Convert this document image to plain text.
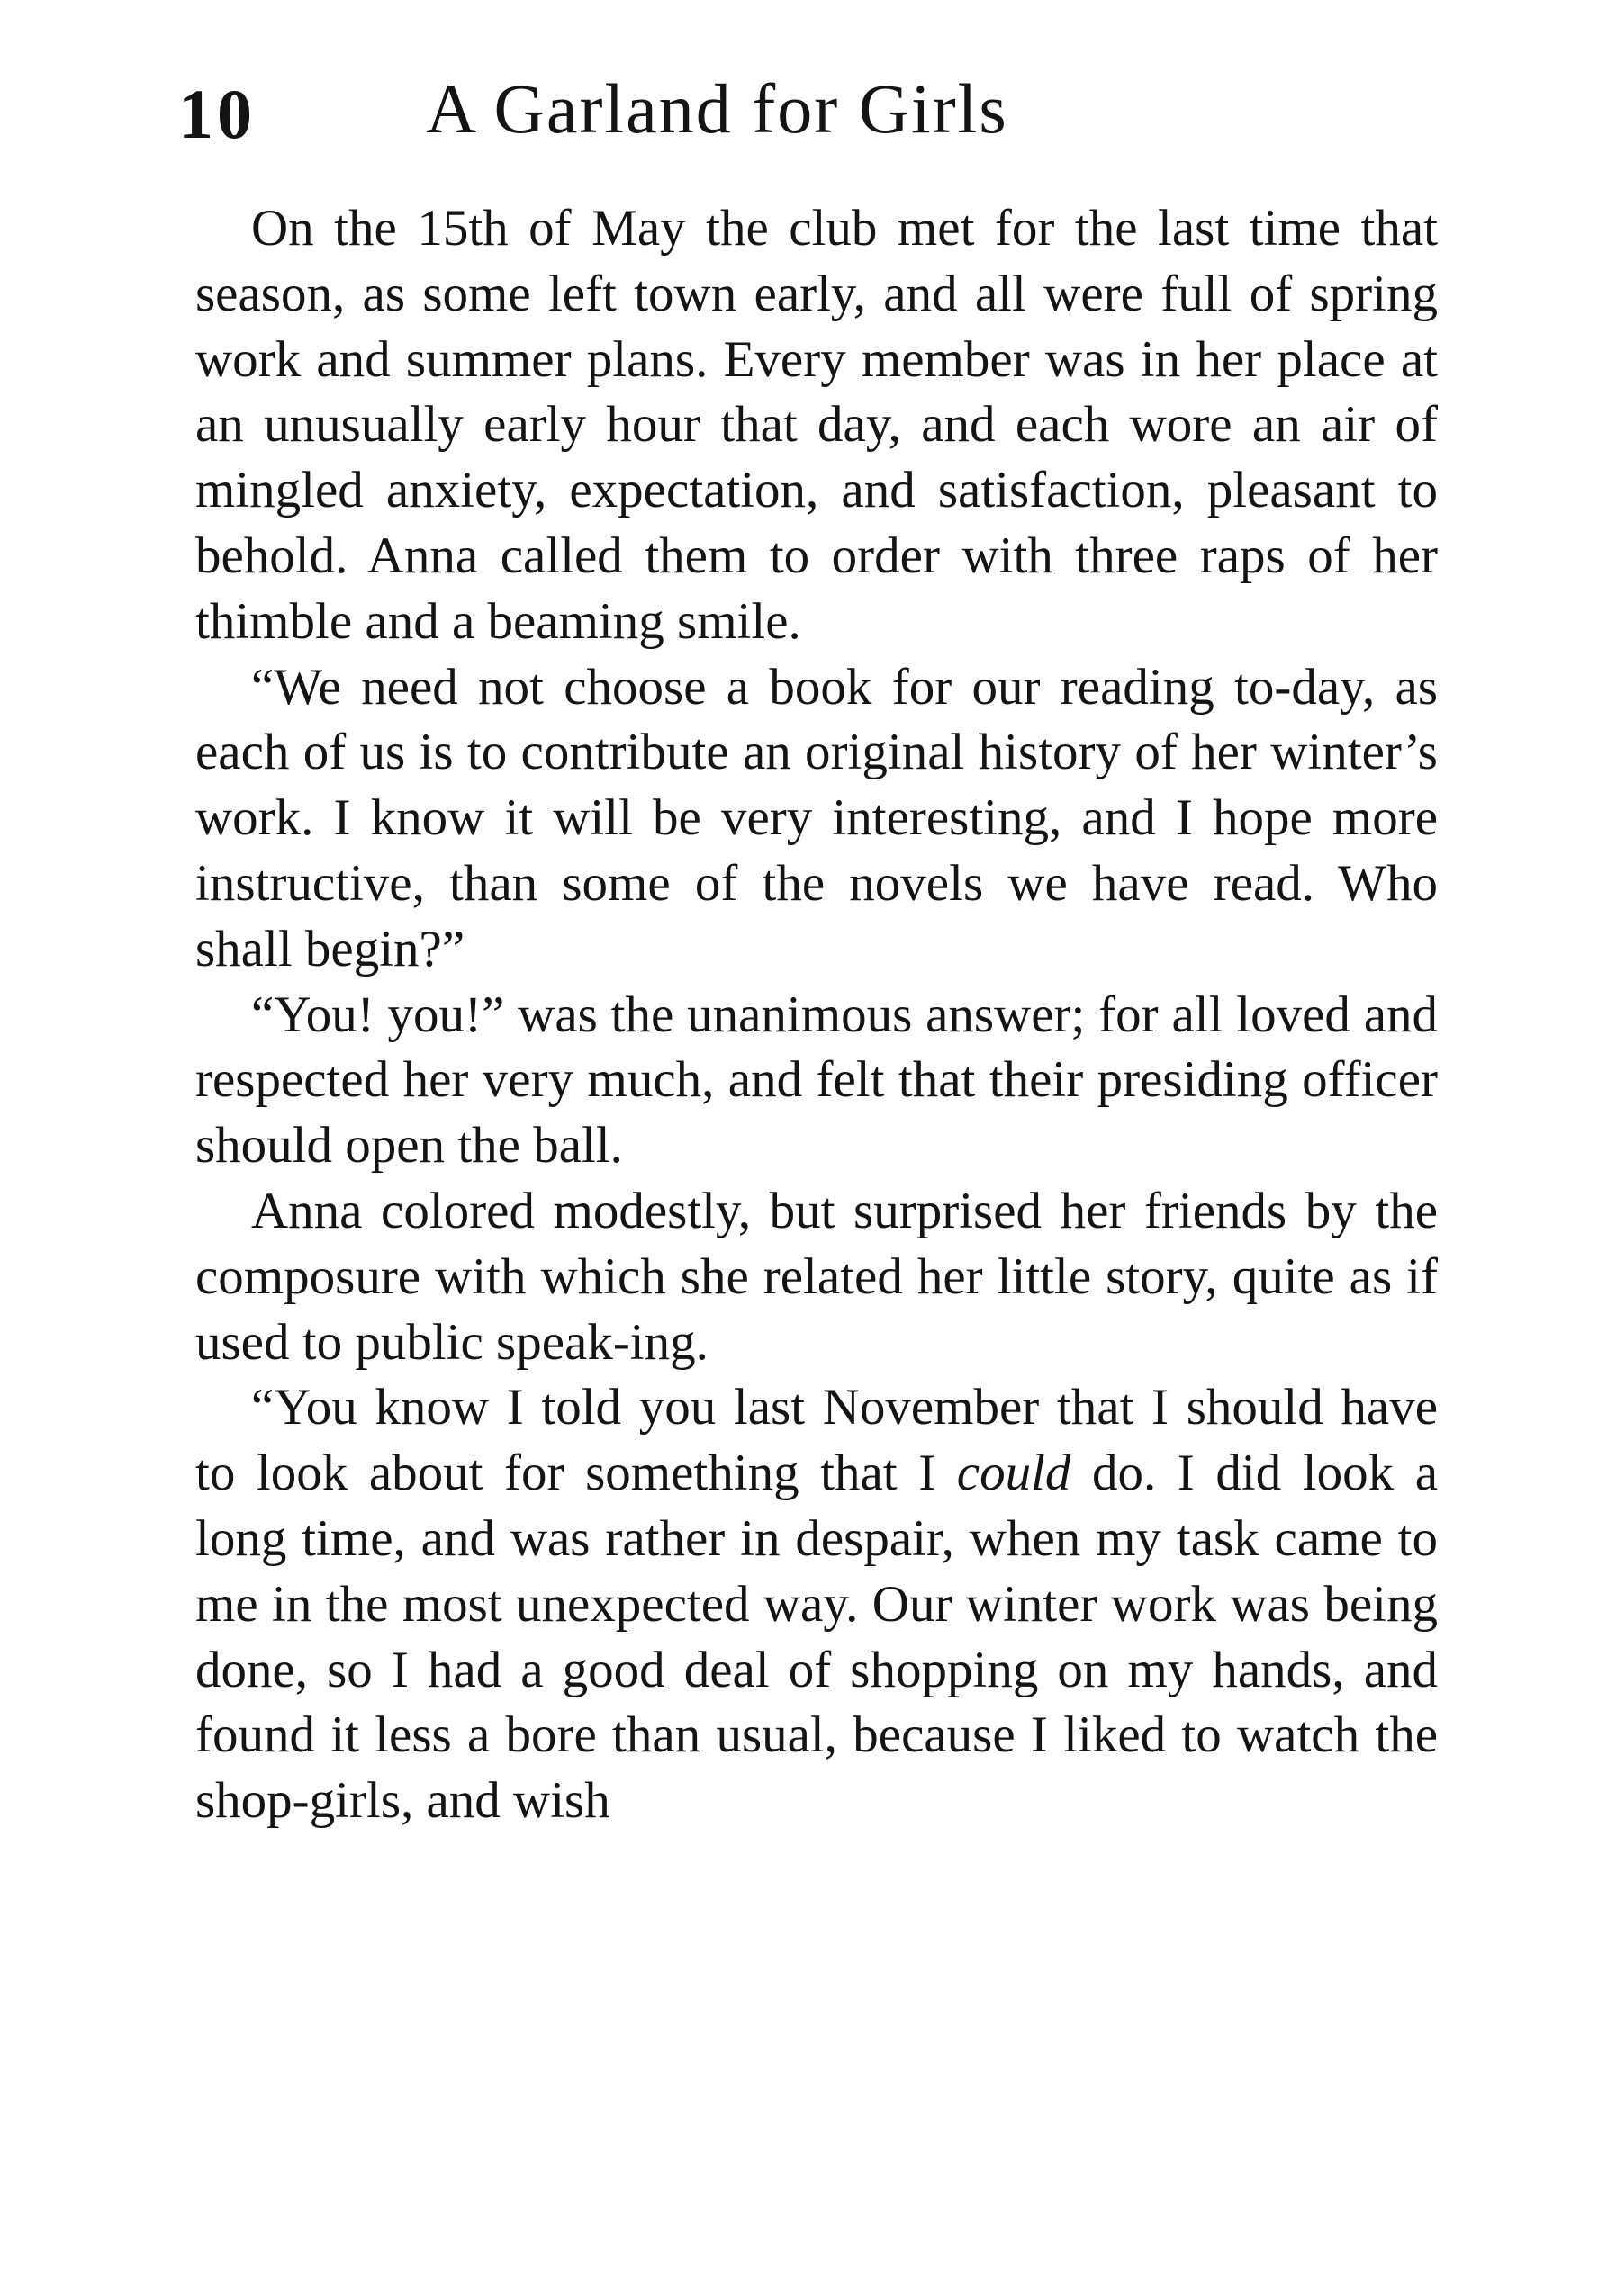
10 A Garland for Girls

On the 15th of May the club met for the last time that season, as some left town early, and all were full of spring work and summer plans. Every member was in her place at an unusually early hour that day, and each wore an air of mingled anxiety, expectation, and satisfaction, pleasant to behold. Anna called them to order with three raps of her thimble and a beaming smile.

“We need not choose a book for our reading to-day, as each of us is to contribute an original history of her winter’s work. I know it will be very interesting, and I hope more instructive, than some of the novels we have read. Who shall begin?”

“You! you!” was the unanimous answer; for all loved and respected her very much, and felt that their presiding officer should open the ball.

Anna colored modestly, but surprised her friends by the composure with which she related her little story, quite as if used to public speak-ing.

“You know I told you last November that I should have to look about for something that I could do. I did look a long time, and was rather in despair, when my task came to me in the most unexpected way. Our winter work was being done, so I had a good deal of shopping on my hands, and found it less a bore than usual, because I liked to watch the shop-girls, and wish
